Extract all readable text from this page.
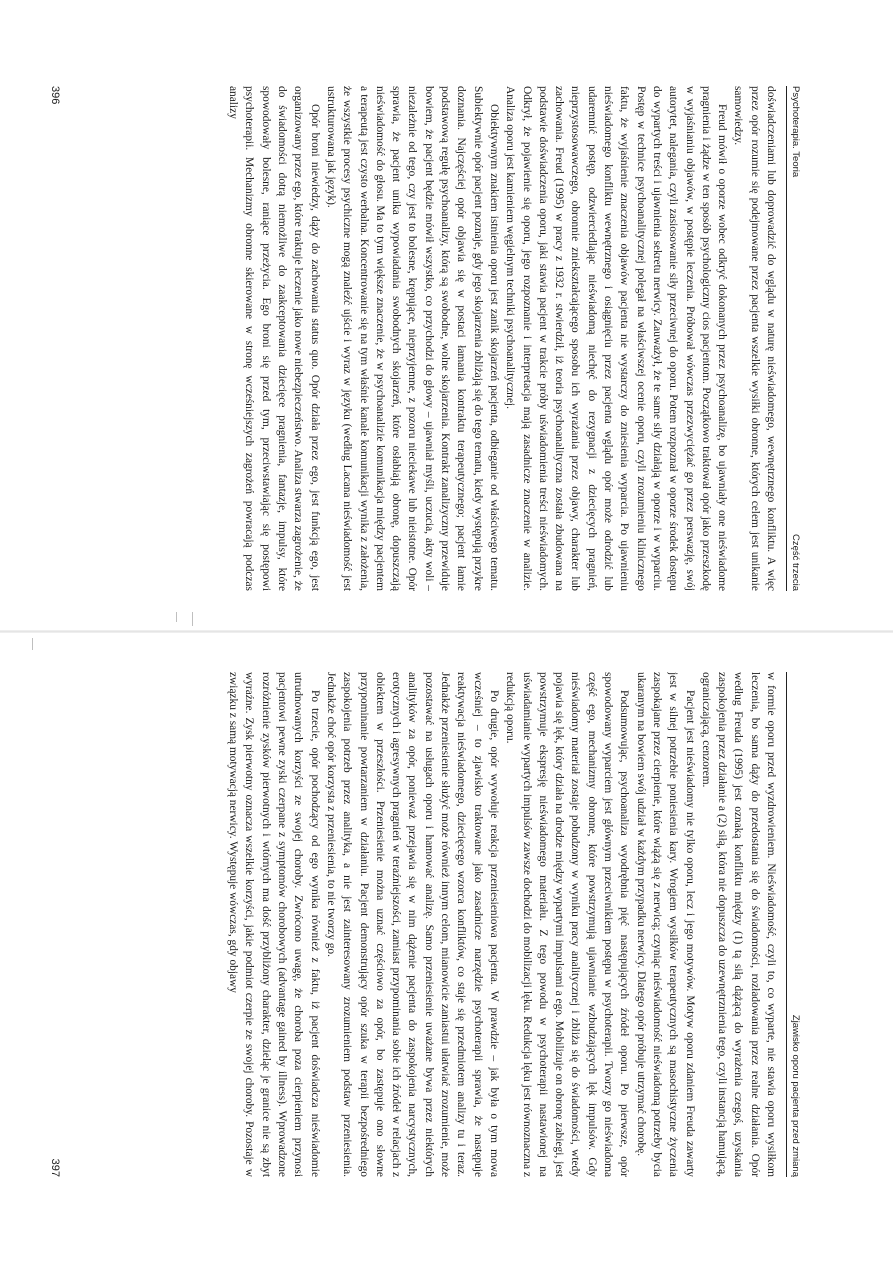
Psychoterapia. Teoria
Część trzecia

doświadczeniami lub doprowadzić do wglądu w naturę nieświadomego, wewnętrznego konfliktu. A więc przez opór rozumie się podejmowane przez pacjenta wszelkie wysiłki obronne, których celem jest unikanie samowiedzy.

Freud mówił o oporze wobec odkryć dokonanych przez psychoanalizę, bo ujawniały one nieświadome pragnienia i żądze w ten sposób psychologiczny cios pacjentom. Początkowo traktował opór jako przeszkodę w wyjaśnianiu objawów, w postępie leczenia. Próbował wówczas przezwyciężać go przez perswazję, swój autorytet, nalegania, czyli zasiosowanie siły przeciwnej do oporu. Potem rozpoznał w oporze środek dostępu do wypartych treści i ujawnienia sekretu nerwicy. Zauważył, że te same siły działają w oporze i w wyparciu. Postęp w technice psychoanalitycznej polegał na właściwszej ocenie oporu, czyli zrozumieniu klinicznego faktu, że wyjaśnienie znaczenia objawów pacjenta nie wystarczy do zniesienia wyparcia. Po ujawnieniu nieświadomego konfliktu wewnętrznego i osiągnięciu przez pacjenta wglądu opór może odrodzić lub udaremnić postęp, odzwierciedlając nieświadomą niechęć do rezygnacji z dziecięcych pragnień, nieprzystosowawczego, obronnie zniekształcającego sposobu ich wyrażania przez objawy, charakter lub zachowania. Freud (1995) w pracy z 1932 r. stwierdził, iż teoria psychoanalityczna została zbudowana na podstawie doświadczenia oporu, jaki stawia pacjent w trakcie próby uświadomienia treści nieświadomych. Odkrył, że pojawienie się oporu, jego rozpoznanie i interpretacja mają zasadnicze znaczenie w analizie. Analiza oporu jest kamieniem węgielnym techniki psychoanalitycznej.

Obiektywnym znakiem istnienia oporu jest zanik skojarzeń pacjenta, odbieganie od właściwego tematu. Subiektywnie opór pacjent poznaje, gdy jego skojarzenia zbliżają się do tego tematu, kiedy występują przykre doznania. Najczęściej opór objawia się w postaci łamania kontraktu terapeutycznego; pacjent łamie podstawową regułę psychoanalizy, którą są swobodne, wolne skojarzenia. Kontrakt zanalizyczny przewiduje bowiem, że pacjent będzie mówił wszystko, co przychodzi do głowy – ujawniał myśli, uczucia, akty woli – niezależnie od tego, czy jest to bolesne, krępujące, nieprzyjemne, z pozoru nieciekawe lub nieistotne. Opór sprawia, że pacjent unika wypowiadania swobodnych skojarzeń, które osłabiają obronę, dopuszczają nieświadomość do głosu. Ma to tym większe znaczenie, że w psychoanalizie komunikacja między pacjentem a terapeutą jest czysto werbalna. Koncentrowanie się na tym właśnie kanale komunikacji wynika z założenia, że wszystkie procesy psychiczne mogą znaleźć ujście i wyraz w języku (według Lacana nieświadomość jest ustrukturowana jak język).

Opór broni niewiedzy, dąży do zachowania status quo. Opór działa przez ego, jest funkcją ego, jest organizowany przez ego, które traktuje leczenie jako nowe niebezpieczeństwo. Analiza stwarza zagrożenie, że do świadomości dotrą niemożliwe do zaakceptowania dziecięce pragnienia, fantazje, impulsy, które spowodowały bolesne, raniące przeżycia. Ego broni się przed tym, przeciwstawiając się postępowi psychoterapii. Mechanizmy obronne skierowane w stronę wcześniejszych zagrożeń powracają podczas analizy

396
Zjawisko oporu pacjenta przed zmianą

w formie oporu przed wyzdrowieniem. Nieświadomość, czyli to, co wyparte, nie stawia oporu wysiłkom leczenia, bo sama dąży do przedostania się do świadomości, rozładowania przez realne działania. Opór według Freuda (1995) jest oznaką konfliktu między (1) tą siłą dążącą do wyrażenia czegoś, uzyskania zaspokojenia przez działanie a (2) siłą, która nie dopuszcza do uzewnętrznienia tego, czyli instancją hamującą, ograniczającą, cenzorem.

Pacjent jest nieświadomy nie tylko oporu, lecz i jego motywów. Motyw oporu zdaniem Freuda zawarty jest w silnej potrzebie poniesienia kary. Wrogiem wysiłków terapeutycznych są masochistyczne życzenia zaspokajane przez cierpienie, które wiążą się z nerwicą; czyniąc nieświadomość nieświadomą potrzeby bycia ukaranym na bowiem swój udział w każdym przypadku nerwicy. Dlatego opór próbuje utrzymać chorobę.

Podsumowując, psychoanaliza wyodrębnia pięć następujących źródeł oporu. Po pierwsze, opór spowodowany wyparciem jest głównym przeciwnikiem postępu w psychoterapii. Tworzy go nieświadoma część ego, mechanizmy obronne, które powstrzymują ujawnianie wzbudzających lęk impulsów. Gdy nieświadomy materiał zostaje pobudzony w wyniku pracy analitycznej i zbliża się do świadomości, wtedy pojawia się lęk, który działa na drodze między wypartymi impulsami a ego. Mobilizuje on obronę zabiegi, jest powstrzymuje ekspresję nieświadomego materiału. Z tego powodu w psychoterapii nastawionej na uświadamianie wypartych impulsów zawsze dochodzi do mobilizacji lęku. Redukcja lęku jest równoznaczna z redukcją oporu.

Po drugie, opór wywołuje reakcja przeniesieniowa pacjenta. W prawdzie – jak była o tym mowa wcześniej – to zjawisko traktowane jako zasadnicze narzędzie psychoterapii sprawia, że następuje reaktywacja nieświadomego, dziecięcego wzorca konfliktów, co staje się przedmiotem analizy tu i teraz. Jednakże przeniesienie służyć może również innym celom, mianowicie zaniastui ułatwiać zrozumienie, może pozostawać na usługach oporu i hamować analizę. Samo przeniesienie uważane bywa przez niektórych analityków za opór, ponieważ przejawia się w nim dążenie pacjenta do zaspokojenia narcystycznych, erotycznych i agresywnych pragnień w teraźniejszości, zamiast przypominania sobie ich źródeł w relacjach z obiektem w przeszłości. Przeniesienie można uznać częściowo za opór, bo zastępuje ono słowne przypominanie powtarzaniem w działaniu. Pacjent demonstrujący opór szuka w terapii bezpośredniego zaspokojenia potrzeb przez analityka, a nie jest zainteresowany zrozumieniem podstaw przeniesienia. Jednakże choć opór korzysta z przeniesienia, to nie tworzy go.

Po trzecie, opór pochodzący od ego wynika również z faktu, iż pacjent doświadcza nieświadomie utrudnowanych korzyści ze swojej choroby. Zwrócono uwagę, że choroba poza cierpieniem przynosi pacjentowi pewne zyski czerpane z symptomów chorobowych (advantage gained by illness). Wprowadzone rozróżnienie zysków pierwotnych i wtórnych ma dość przybliżony charakter, dzieląc je granice nie są zbyt wyraźne. Zysk pierwotny oznacza wszelkie korzyści, jakie podmiot czerpie ze swojej choroby. Pozostaje w związku z samą motywacją nerwicy. Występuje wówczas, gdy objawy

397
